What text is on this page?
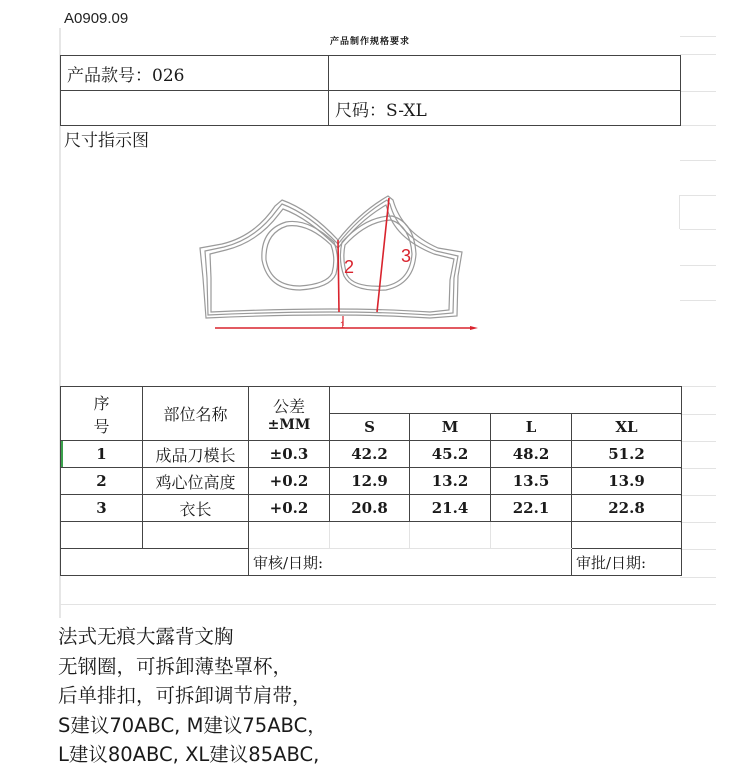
A0909.09
产品制作规格要求
产品款号：026	
	尺码：S-XL
尺寸指示图
2
3
1
序
号
	部位名称	公差
±MM

			S	M	L	XL
1	成品刀模长	±0.3	42.2	45.2	48.2	51.2
2	鸡心位高度	+0.2	12.9	13.2	13.5	13.9
3	衣长	+0.2	20.8	21.4	22.1	22.8

		审核/日期:				审批/日期:
法式无痕大露背文胸
无钢圈，可拆卸薄垫罩杯，
后单排扣，可拆卸调节肩带，
S建议70ABC, M建议75ABC，
L建议80ABC, XL建议85ABC,
